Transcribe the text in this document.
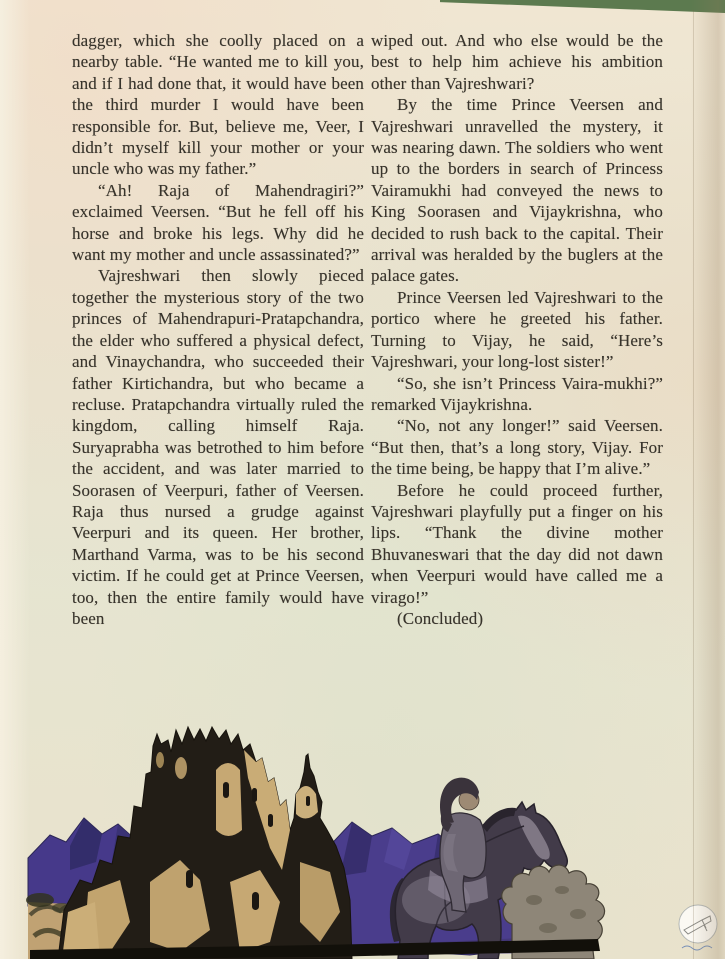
dagger, which she coolly placed on a nearby table. “He wanted me to kill you, and if I had done that, it would have been the third murder I would have been responsible for. But, believe me, Veer, I didn’t myself kill your mother or your uncle who was my father.”

“Ah! Raja of Mahendragiri?” exclaimed Veersen. “But he fell off his horse and broke his legs. Why did he want my mother and uncle assassinated?”

Vajreshwari then slowly pieced together the mysterious story of the two princes of Mahendrapuri-Pratapchandra, the elder who suffered a physical defect, and Vinaychandra, who succeeded their father Kirtichandra, but who became a recluse. Pratapchandra virtually ruled the kingdom, calling himself Raja. Suryaprabha was betrothed to him before the accident, and was later married to Soorasen of Veerpuri, father of Veersen. Raja thus nursed a grudge against Veerpuri and its queen. Her brother, Marthand Varma, was to be his second victim. If he could get at Prince Veersen, too, then the entire family would have been

wiped out. And who else would be the best to help him achieve his ambition other than Vajreshwari?

By the time Prince Veersen and Vajreshwari unravelled the mystery, it was nearing dawn. The soldiers who went up to the borders in search of Princess Vairamukhi had conveyed the news to King Soorasen and Vijaykrishna, who decided to rush back to the capital. Their arrival was heralded by the buglers at the palace gates.

Prince Veersen led Vajreshwari to the portico where he greeted his father. Turning to Vijay, he said, “Here’s Vajreshwari, your long-lost sister!”

“So, she isn’t Princess Vaira-mukhi?” remarked Vijaykrishna.

“No, not any longer!” said Veersen. “But then, that’s a long story, Vijay. For the time being, be happy that I’m alive.”

Before he could proceed further, Vajreshwari playfully put a finger on his lips. “Thank the divine mother Bhuvaneswari that the day did not dawn when Veerpuri would have called me a virago!”

(Concluded)
